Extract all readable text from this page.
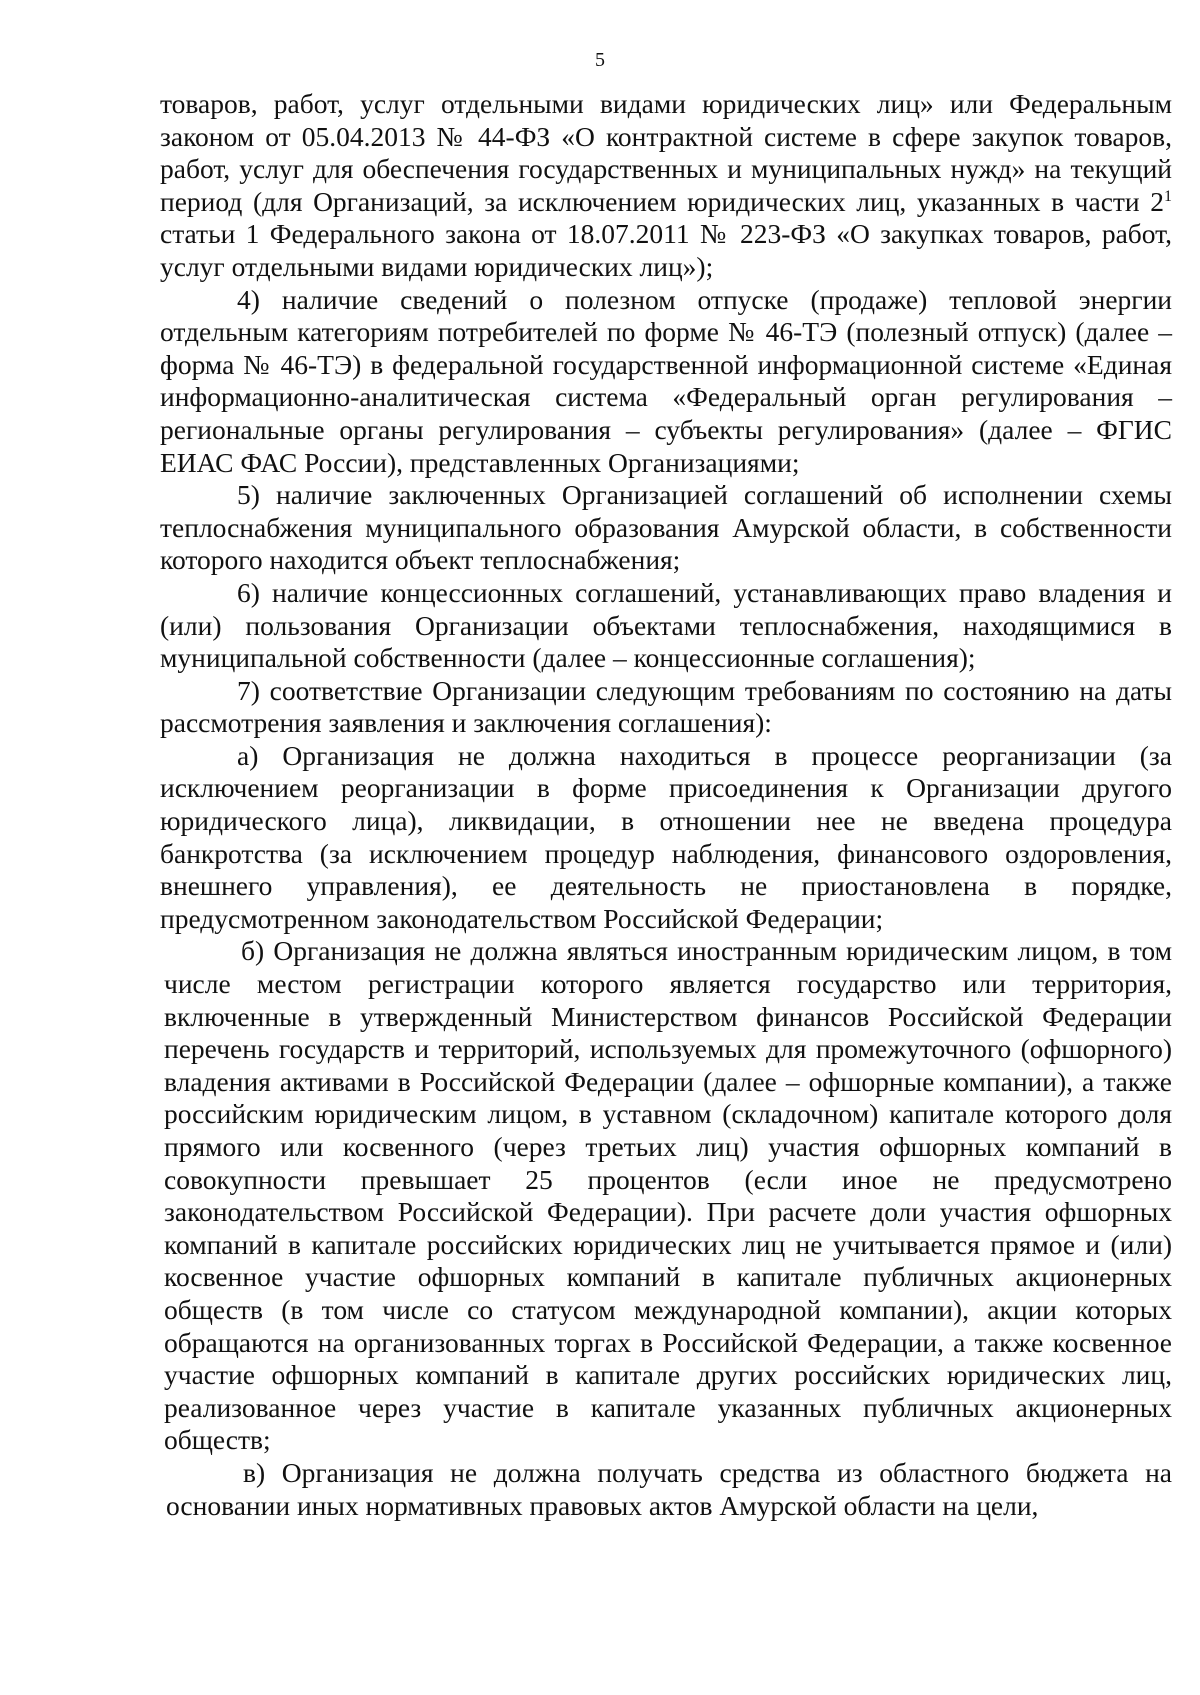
5

товаров, работ, услуг отдельными видами юридических лиц» или Федеральным законом от 05.04.2013 № 44-ФЗ «О контрактной системе в сфере закупок товаров, работ, услуг для обеспечения государственных и муниципальных нужд» на текущий период (для Организаций, за исключением юридических лиц, указанных в части $2^1$ статьи 1 Федерального закона от 18.07.2011 № 223-ФЗ «О закупках товаров, работ, услуг отдельными видами юридических лиц»);

4) наличие сведений о полезном отпуске (продаже) тепловой энергии отдельным категориям потребителей по форме № 46-ТЭ (полезный отпуск) (далее – форма № 46-ТЭ) в федеральной государственной информационной системе «Единая информационно-аналитическая система «Федеральный орган регулирования – региональные органы регулирования – субъекты регулирования» (далее – ФГИС ЕИАС ФАС России), представленных Организациями;

5) наличие заключенных Организацией соглашений об исполнении схемы теплоснабжения муниципального образования Амурской области, в собственности которого находится объект теплоснабжения;

6) наличие концессионных соглашений, устанавливающих право владения и (или) пользования Организации объектами теплоснабжения, находящимися в муниципальной собственности (далее – концессионные соглашения);

7) соответствие Организации следующим требованиям по состоянию на даты рассмотрения заявления и заключения соглашения):

а) Организация не должна находиться в процессе реорганизации (за исключением реорганизации в форме присоединения к Организации другого юридического лица), ликвидации, в отношении нее не введена процедура банкротства (за исключением процедур наблюдения, финансового оздоровления, внешнего управления), ее деятельность не приостановлена в порядке, предусмотренном законодательством Российской Федерации;

б) Организация не должна являться иностранным юридическим лицом, в том числе местом регистрации которого является государство или территория, включенные в утвержденный Министерством финансов Российской Федерации перечень государств и территорий, используемых для промежуточного (офшорного) владения активами в Российской Федерации (далее – офшорные компании), а также российским юридическим лицом, в уставном (складочном) капитале которого доля прямого или косвенного (через третьих лиц) участия офшорных компаний в совокупности превышает 25 процентов (если иное не предусмотрено законодательством Российской Федерации). При расчете доли участия офшорных компаний в капитале российских юридических лиц не учитывается прямое и (или) косвенное участие офшорных компаний в капитале публичных акционерных обществ (в том числе со статусом международной компании), акции которых обращаются на организованных торгах в Российской Федерации, а также косвенное участие офшорных компаний в капитале других российских юридических лиц, реализованное через участие в капитале указанных публичных акционерных обществ;

в) Организация не должна получать средства из областного бюджета на основании иных нормативных правовых актов Амурской области на цели,
